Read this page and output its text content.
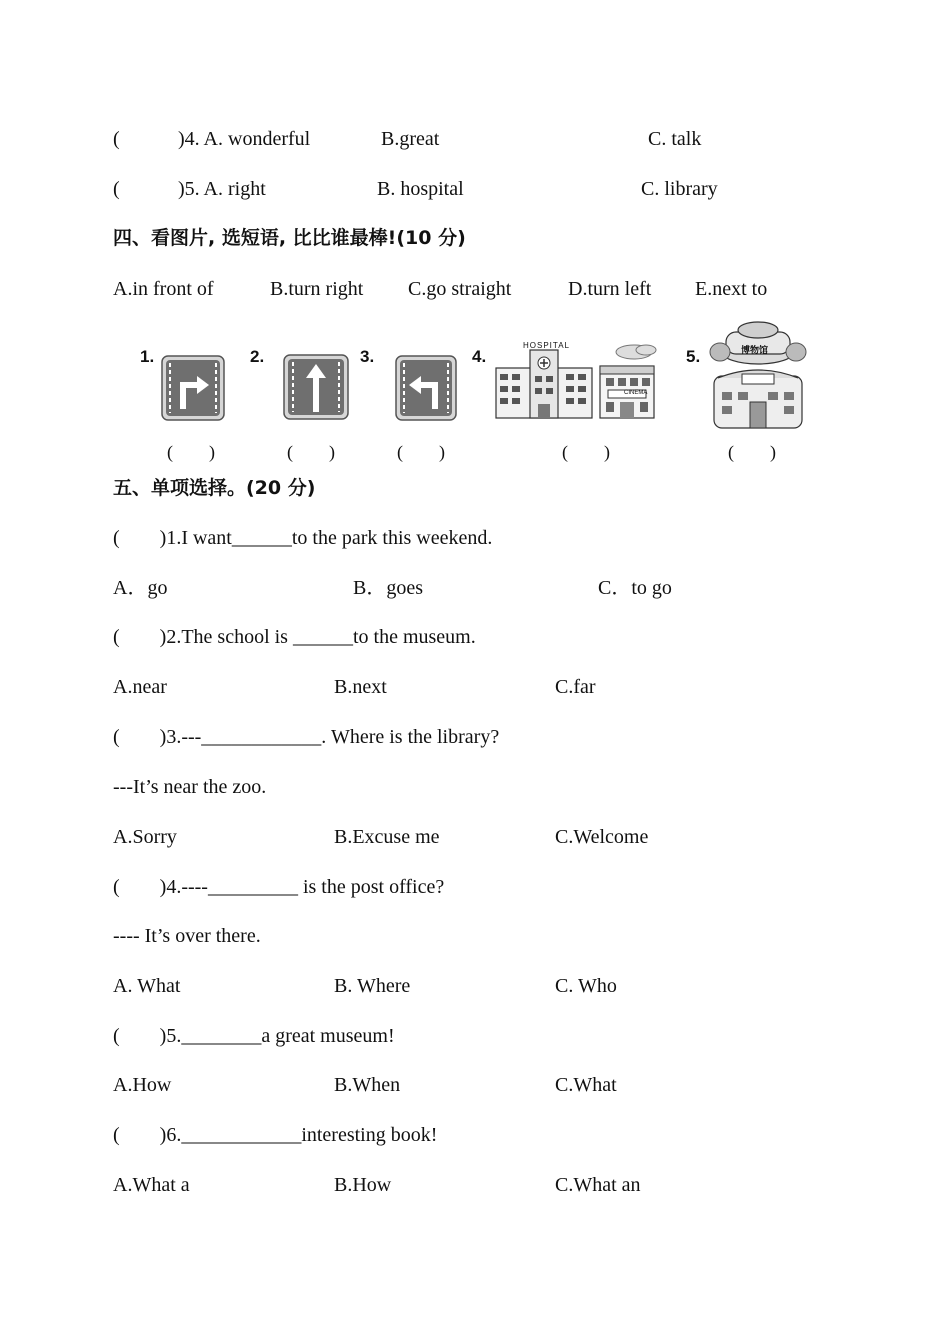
(	)4. A. wonderful	B.great	C. talk
(	)5. A. right	B. hospital	C. library
四、看图片, 选短语, 比比谁最棒!(10 分)
A.in front of	B.turn right C.go straight	D.turn left E.next to
1.	2.	3.	4.	5.
HOSPITAL
CINEMA
博物馆
(　　)	(　　)	(　　)	(　　)	(　　)
五、单项选择。(20 分)
(　　)1.I want______to the park this weekend.
A．go	B．goes	C．to go
(　　)2.The school is ______to the museum.
A.near	B.next	C.far
(　　)3.---____________. Where is the library?
---It’s near the zoo.
A.Sorry	B.Excuse me	C.Welcome
(　　)4.----_________ is the post office?
---- It’s over there.
A. What	B. Where	C. Who
(　　)5.________a great museum!
A.How	B.When	C.What
(　　)6.____________interesting book!
A.What a	B.How	C.What an
